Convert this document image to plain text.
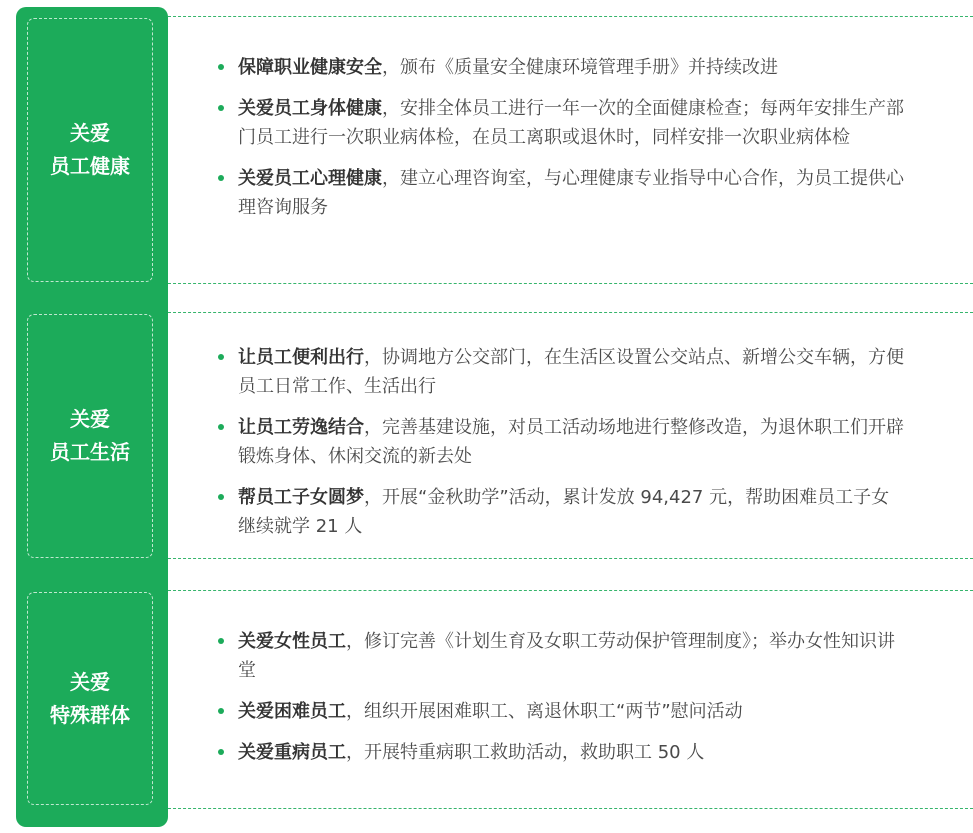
关爱
员工健康
保障职业健康安全，颁布《质量安全健康环境管理手册》并持续改进
关爱员工身体健康，安排全体员工进行一年一次的全面健康检查；每两年安排生产部门员工进行一次职业病体检，在员工离职或退休时，同样安排一次职业病体检
关爱员工心理健康，建立心理咨询室，与心理健康专业指导中心合作，为员工提供心理咨询服务
关爱
员工生活
让员工便利出行，协调地方公交部门，在生活区设置公交站点、新增公交车辆，方便员工日常工作、生活出行
让员工劳逸结合，完善基建设施，对员工活动场地进行整修改造，为退休职工们开辟锻炼身体、休闲交流的新去处
帮员工子女圆梦，开展“金秋助学”活动，累计发放 94,427 元，帮助困难员工子女继续就学 21 人
关爱
特殊群体
关爱女性员工，修订完善《计划生育及女职工劳动保护管理制度》；举办女性知识讲堂
关爱困难员工，组织开展困难职工、离退休职工“两节”慰问活动
关爱重病员工，开展特重病职工救助活动，救助职工 50 人
